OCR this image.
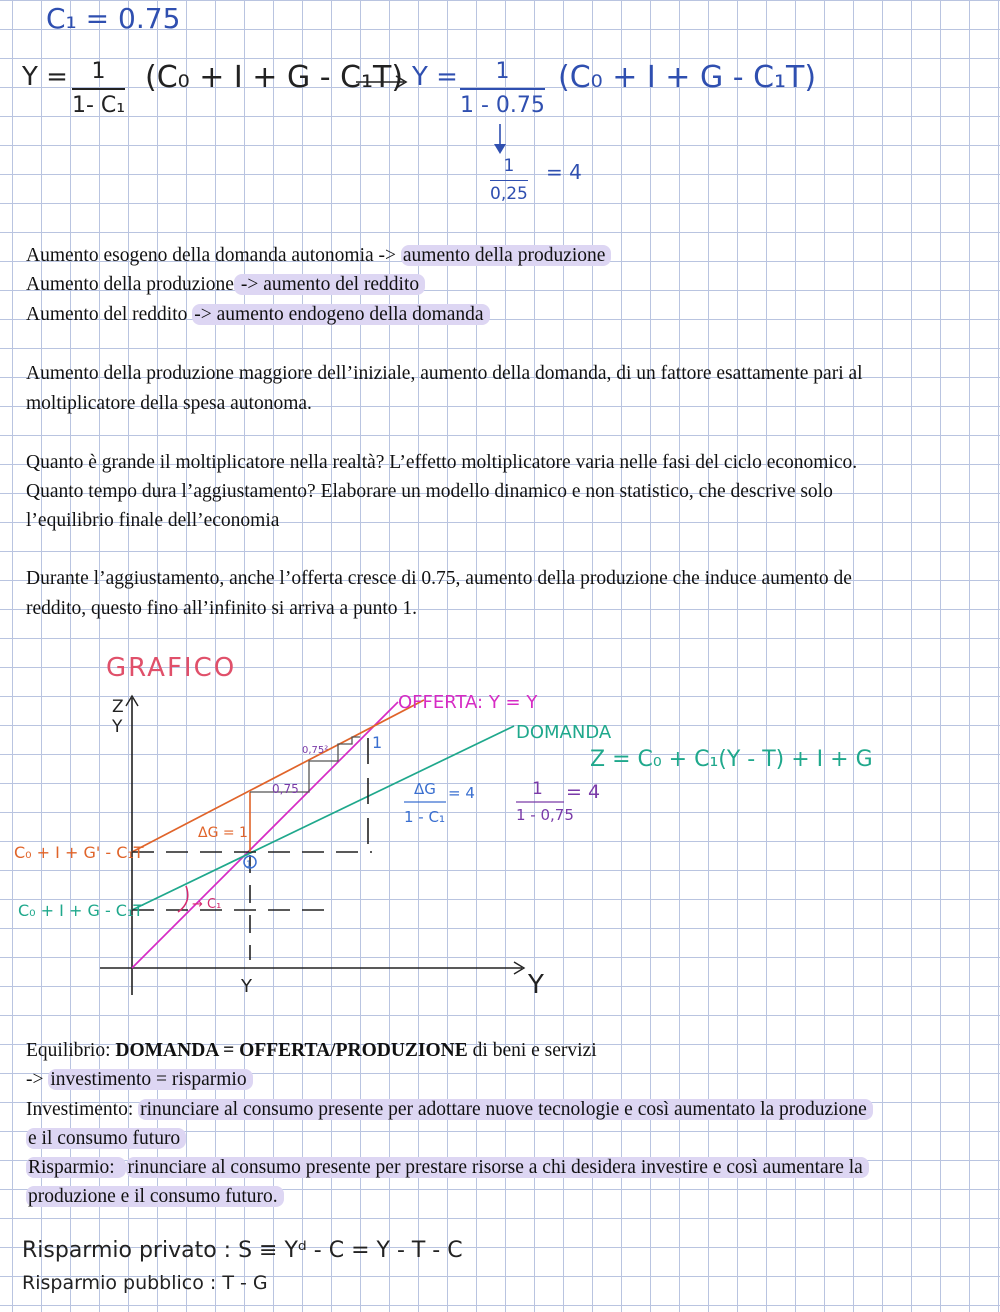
C₁ = 0.75
Y = 1
1- C₁
(C₀ + I + G - C₁T) Y = 1
1 - 0.75
(C₀ + I + G - C₁T)
1
0,25
= 4
Aumento esogeno della domanda autonomia -> aumento della produzione
Aumento della produzione -> aumento del reddito
Aumento del reddito -> aumento endogeno della domanda
Aumento della produzione maggiore dell’iniziale, aumento della domanda, di un fattore esattamente pari al
moltiplicatore della spesa autonoma.
Quanto è grande il moltiplicatore nella realtà? L’effetto moltiplicatore varia nelle fasi del ciclo economico.
Quanto tempo dura l’aggiustamento? Elaborare un modello dinamico e non statistico, che descrive solo
l’equilibrio finale dell’economia
Durante l’aggiustamento, anche l’offerta cresce di 0.75, aumento della produzione che induce aumento de
reddito, questo fino all’infinito si arriva a punto 1.
GRAFICO
Z
Y
Y
Y
ΔG = 1
0,75
0,75²	1
→ C₁
1
OFFERTA: Y = Y
DOMANDA
Z = C₀ + C₁(Y - T) + I + G
ΔG
1 - C₁
= 4	1
1 - 0,75
= 4
C₀ + I + G' - C₁T
C₀ + I + G - C₁T
Equilibrio: DOMANDA = OFFERTA/PRODUZIONE di beni e servizi
-> investimento = risparmio
Investimento: rinunciare al consumo presente per adottare nuove tecnologie e così aumentato la produzione
e il consumo futuro
Risparmio: rinunciare al consumo presente per prestare risorse a chi desidera investire e così aumentare la
produzione e il consumo futuro.
Risparmio privato : S ≡ Yᵈ - C = Y - T - C
Risparmio pubblico : T - G
